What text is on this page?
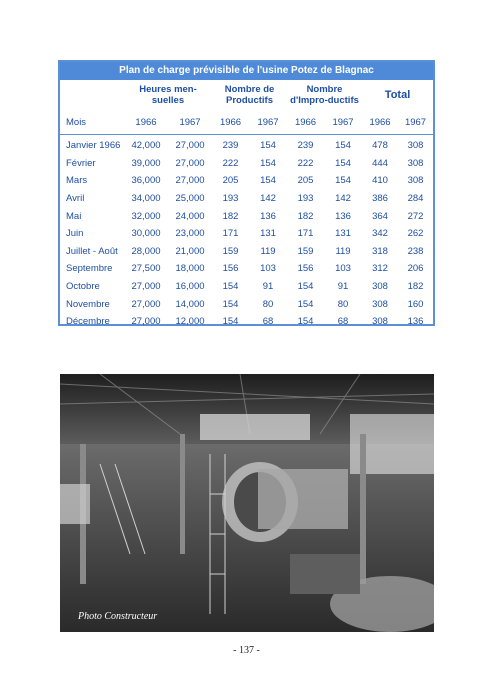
Plan de charge prévisible de l'usine Potez de Blagnac
	Heures men-suelles		Nombre de Productifs		Nombre d'Impro-ductifs		Total	
Mois	1966	1967	1966	1967	1966	1967	1966	1967
Janvier 1966	42,000	27,000	239	154	239	154	478	308
Février	39,000	27,000	222	154	222	154	444	308
Mars	36,000	27,000	205	154	205	154	410	308
Avril	34,000	25,000	193	142	193	142	386	284
Mai	32,000	24,000	182	136	182	136	364	272
Juin	30,000	23,000	171	131	171	131	342	262
Juillet - Août	28,000	21,000	159	119	159	119	318	238
Septembre	27,500	18,000	156	103	156	103	312	206
Octobre	27,000	16,000	154	91	154	91	308	182
Novembre	27,000	14,000	154	80	154	80	308	160
Décembre	27,000	12,000	154	68	154	68	308	136
Photo Constructeur
- 137 -
